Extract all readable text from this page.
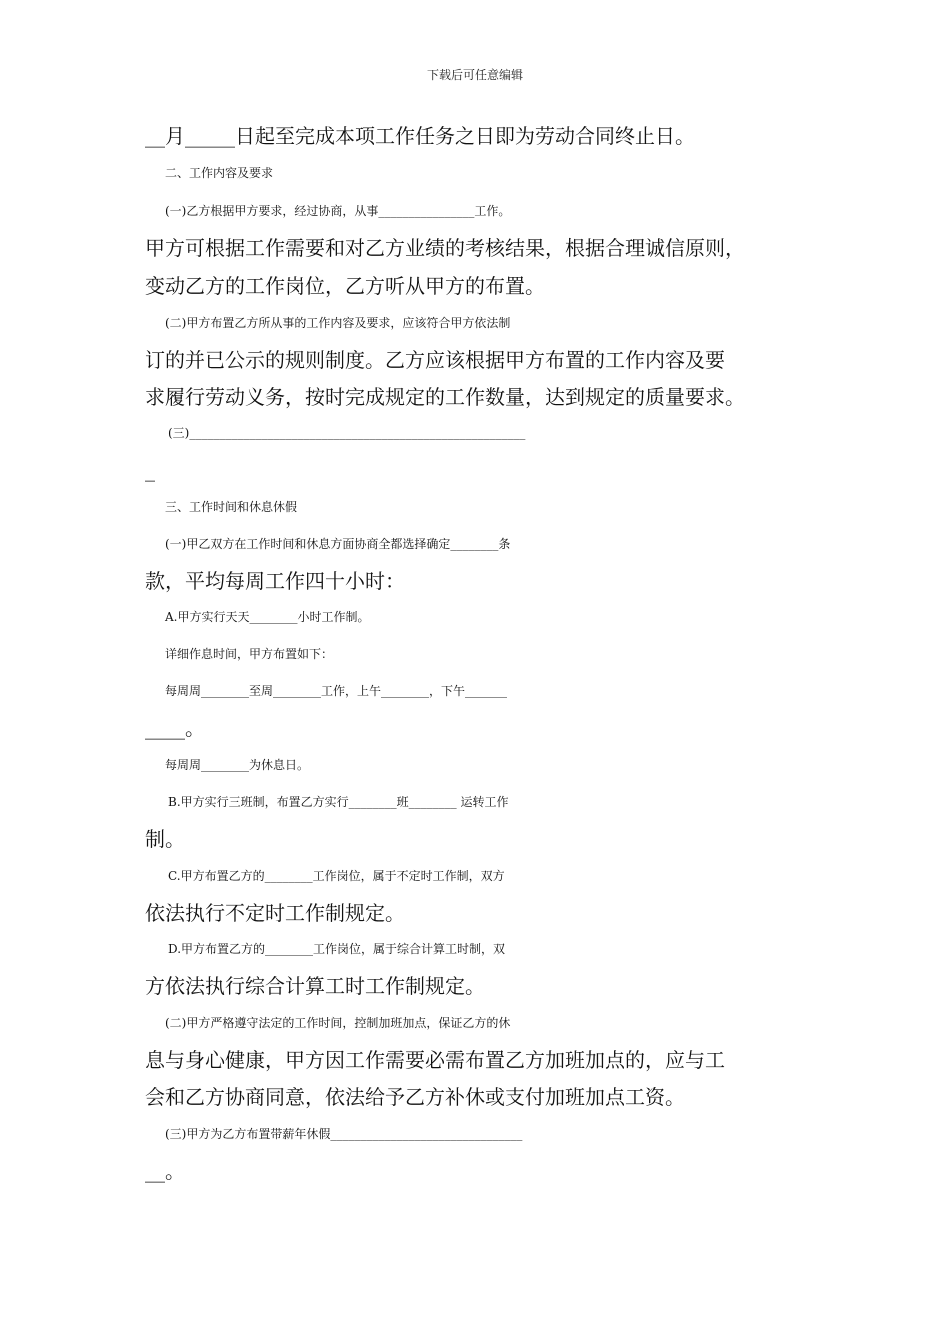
下载后可任意编辑
__月_____日起至完成本项工作任务之日即为劳动合同终止日。
二、工作内容及要求
(一)乙方根据甲方要求，经过协商，从事________________工作。
甲方可根据工作需要和对乙方业绩的考核结果，根据合理诚信原则，
变动乙方的工作岗位，乙方听从甲方的布置。
(二)甲方布置乙方所从事的工作内容及要求，应该符合甲方依法制
订的并已公示的规则制度。乙方应该根据甲方布置的工作内容及要
求履行劳动义务，按时完成规定的工作数量，达到规定的质量要求。
(三)________________________________________________________
_
三、工作时间和休息休假
(一)甲乙双方在工作时间和休息方面协商全都选择确定________条
款，平均每周工作四十小时：
A.甲方实行天天________小时工作制。
详细作息时间，甲方布置如下：
每周周________至周________工作，上午________，下午_______
____。
每周周________为休息日。
B.甲方实行三班制，布置乙方实行________班________ 运转工作
制。
C.甲方布置乙方的________工作岗位，属于不定时工作制，双方
依法执行不定时工作制规定。
D.甲方布置乙方的________工作岗位，属于综合计算工时制，双
方依法执行综合计算工时工作制规定。
(二)甲方严格遵守法定的工作时间，控制加班加点，保证乙方的休
息与身心健康，甲方因工作需要必需布置乙方加班加点的，应与工
会和乙方协商同意，依法给予乙方补休或支付加班加点工资。
(三)甲方为乙方布置带薪年休假________________________________
__。
